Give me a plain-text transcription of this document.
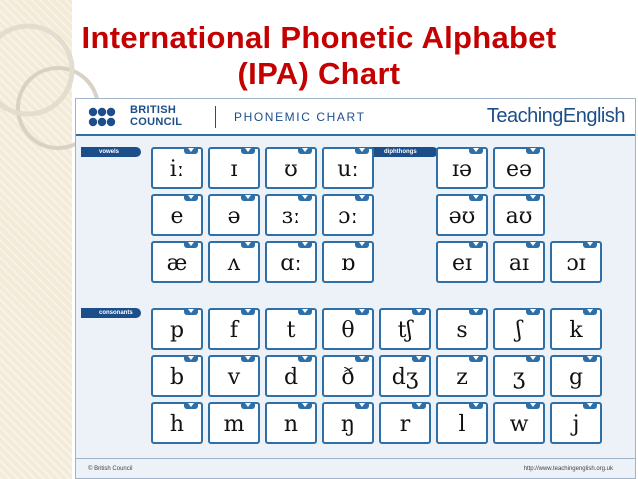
International Phonetic Alphabet
(IPA) Chart
BRITISH
COUNCIL	PHONEMIC CHART	TeachingEnglish
vowels	diphthongs
consonants
iː ɪ ʊ uː
e ə ɜː ɔː
æ ʌ ɑː ɒ
ɪə eə
əʊ aʊ
eɪ aɪ ɔɪ
p f t θ tʃ s ʃ k
b v d ð dʒ z ʒ g
h m n ŋ r l w j
© British Council	http://www.teachingenglish.org.uk
